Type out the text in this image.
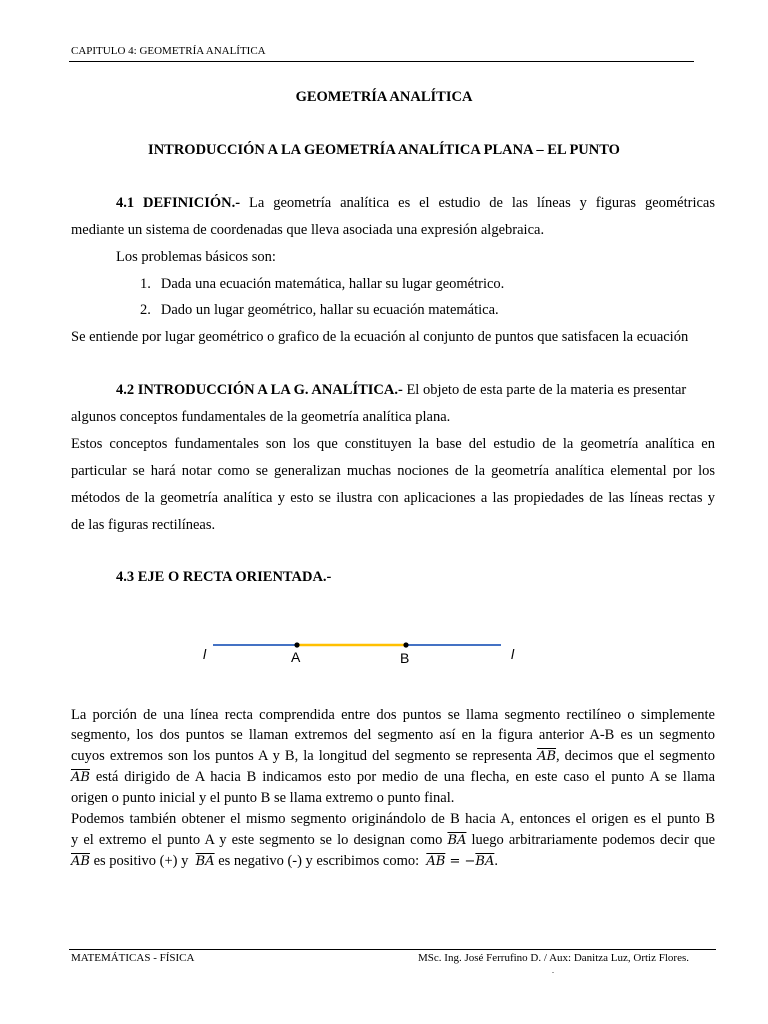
CAPITULO 4: GEOMETRÍA ANALÍTICA
GEOMETRÍA ANALÍTICA
INTRODUCCIÓN A LA GEOMETRÍA ANALÍTICA PLANA – EL PUNTO
4.1 DEFINICIÓN.- La geometría analítica es el estudio de las líneas y figuras geométricas
mediante un sistema de coordenadas que lleva asociada una expresión algebraica.
Los problemas básicos son:
1. Dada una ecuación matemática, hallar su lugar geométrico.
2. Dado un lugar geométrico, hallar su ecuación matemática.
Se entiende por lugar geométrico o grafico de la ecuación al conjunto de puntos que satisfacen la ecuación
4.2 INTRODUCCIÓN A LA G. ANALÍTICA.- El objeto de esta parte de la materia es presentar
algunos conceptos fundamentales de la geometría analítica plana.
Estos conceptos fundamentales son los que constituyen la base del estudio de la geometría analítica en
particular se hará notar como se generalizan muchas nociones de la geometría analítica elemental por los
métodos de la geometría analítica y esto se ilustra con aplicaciones a las propiedades de las líneas rectas y
de las figuras rectilíneas.
4.3 EJE O RECTA ORIENTADA.-
l	A	B	l
La porción de una línea recta comprendida entre dos puntos se llama segmento rectilíneo o simplemente
segmento, los dos puntos se llaman extremos del segmento así en la figura anterior A-B es un segmento
cuyos extremos son los puntos A y B, la longitud del segmento se representa $\overline{AB}$, decimos que el segmento
$\overline{AB}$ está dirigido de A hacia B indicamos esto por medio de una flecha, en este caso el punto A se llama
origen o punto inicial y el punto B se llama extremo o punto final.
Podemos también obtener el mismo segmento originándolo de B hacia A, entonces el origen es el punto B
y el extremo el punto A y este segmento se lo designan como $\overline{BA}$ luego arbitrariamente podemos decir que
$\overline{AB}$ es positivo (+) y $\overline{BA}$ es negativo (-) y escribimos como: $\overline{AB} = -\overline{BA}$.
MATEMÁTICAS - FÍSICA	MSc. Ing. José Ferrufino D. / Aux: Danitza Luz, Ortiz Flores.
.
